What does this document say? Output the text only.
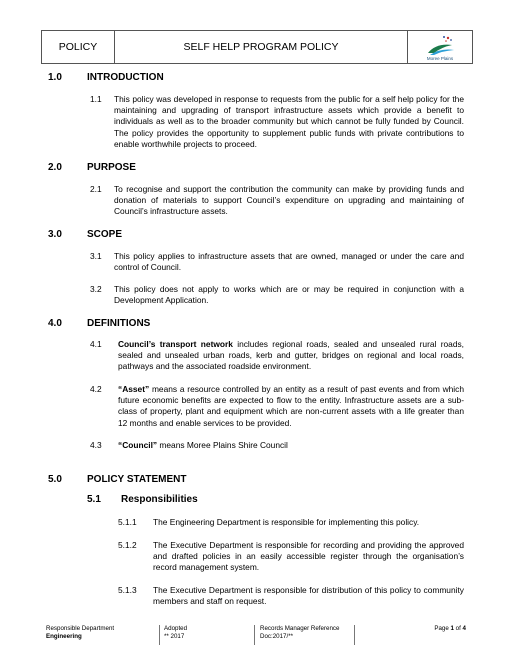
POLICY	SELF HELP PROGRAM POLICY
Moree Plains
1.0	INTRODUCTION
1.1 This policy was developed in response to requests from the public for a self help policy for the maintaining and upgrading of transport infrastructure assets which provide a benefit to individuals as well as to the broader community but which cannot be fully funded by Council. The policy provides the opportunity to supplement public funds with private contributions to enable worthwhile projects to proceed.
2.0	PURPOSE
2.1 To recognise and support the contribution the community can make by providing funds and donation of materials to support Council’s expenditure on upgrading and maintaining of Council’s infrastructure assets.
3.0	SCOPE
3.1 This policy applies to infrastructure assets that are owned, managed or under the care and control of Council.
3.2 This policy does not apply to works which are or may be required in conjunction with a Development Application.
4.0	DEFINITIONS
4.1 Council’s transport network includes regional roads, sealed and unsealed rural roads, sealed and unsealed urban roads, kerb and gutter, bridges on regional and local roads, pathways and the associated roadside environment.
4.2 “Asset” means a resource controlled by an entity as a result of past events and from which future economic benefits are expected to flow to the entity. Infrastructure assets are a sub-class of property, plant and equipment which are non-current assets with a life greater than 12 months and enable services to be provided.
4.3 “Council” means Moree Plains Shire Council
5.0	POLICY STATEMENT
5.1 Responsibilities
5.1.1 The Engineering Department is responsible for implementing this policy.
5.1.2 The Executive Department is responsible for recording and providing the approved and drafted policies in an easily accessible register through the organisation’s record management system.
5.1.3 The Executive Department is responsible for distribution of this policy to community members and staff on request.
Responsible Department
Engineering
Adopted
** 2017
Records Manager Reference
Doc:2017/**
Page 1 of 4
